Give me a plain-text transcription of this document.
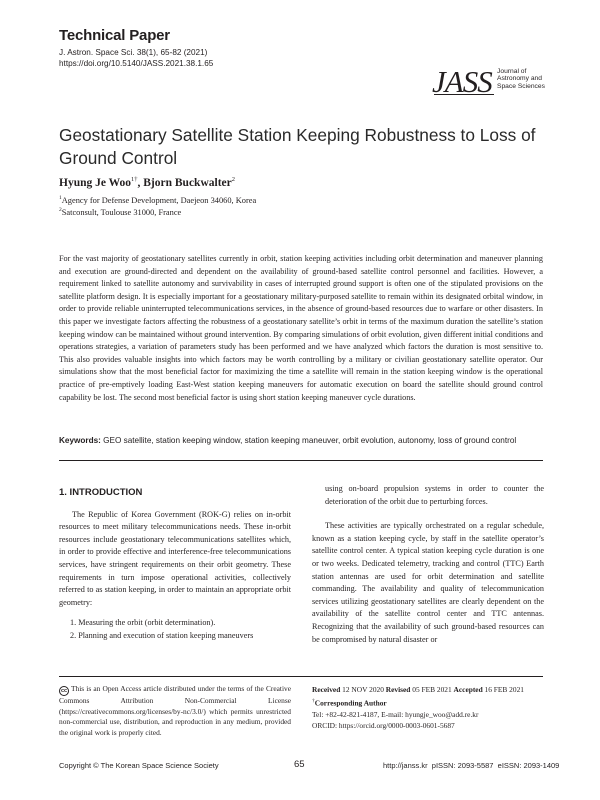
Technical Paper
J. Astron. Space Sci. 38(1), 65-82 (2021)
https://doi.org/10.5140/JASS.2021.38.1.65
JASS Journal of
Astronomy and
Space Sciences
Geostationary Satellite Station Keeping Robustness to Loss of Ground Control
Hyung Je Woo$^{1\dagger}$, Bjorn Buckwalter$^2$
$^1$Agency for Defense Development, Daejeon 34060, Korea
$^2$Satconsult, Toulouse 31000, France
For the vast majority of geostationary satellites currently in orbit, station keeping activities including orbit determination and maneuver planning and execution are ground-directed and dependent on the availability of ground-based satellite control personnel and facilities. However, a requirement linked to satellite autonomy and survivability in cases of interrupted ground support is often one of the stipulated provisions on the satellite platform design. It is especially important for a geostationary military-purposed satellite to remain within its designated orbital window, in order to provide reliable uninterrupted telecommunications services, in the absence of ground-based resources due to warfare or other disasters. In this paper we investigate factors affecting the robustness of a geostationary satellite’s orbit in terms of the maximum duration the satellite’s station keeping window can be maintained without ground intervention. By comparing simulations of orbit evolution, given different initial conditions and operations strategies, a variation of parameters study has been performed and we have analyzed which factors the duration is most sensitive to. This also provides valuable insights into which factors may be worth controlling by a military or civilian geostationary satellite operator. Our simulations show that the most beneficial factor for maximizing the time a satellite will remain in the station keeping window is the operational practice of pre-emptively loading East-West station keeping maneuvers for automatic execution on board the satellite should ground control capability be lost. The second most beneficial factor is using short station keeping maneuver cycle durations.
Keywords: GEO satellite, station keeping window, station keeping maneuver, orbit evolution, autonomy, loss of ground control
1. INTRODUCTION

The Republic of Korea Government (ROK-G) relies on in-orbit resources to meet military telecommunications needs. These in-orbit resources include geostationary telecommunications satellites which, in order to provide effective and interference-free telecommunications services, have stringent requirements on their orbit geometry. These requirements in turn impose operational activities, collectively referred to as station keeping, in order to maintain an appropriate orbit geometry:

1. Measuring the orbit (orbit determination).
2. Planning and execution of station keeping maneuvers

using on-board propulsion systems in order to counter the deterioration of the orbit due to perturbing forces.

These activities are typically orchestrated on a regular schedule, known as a station keeping cycle, by staff in the satellite operator’s satellite control center. A typical station keeping cycle duration is one or two weeks. Dedicated telemetry, tracking and control (TTC) Earth station antennas are used for orbit determination and satellite commanding. The availability and quality of telecommunication services utilizing geostationary satellites are clearly dependent on the availability of the satellite control center and TTC antennas. Recognizing that the availability of such ground-based resources can be compromised by natural disaster or

cc This is an Open Access article distributed under the terms of the Creative Commons Attribution Non-Commercial License (https://creativecommons.org/licenses/by-nc/3.0/) which permits unrestricted non-commercial use, distribution, and reproduction in any medium, provided the original work is properly cited.
Received 12 NOV 2020 Revised 05 FEB 2021 Accepted 16 FEB 2021
†Corresponding Author
Tel: +82-42-821-4187, E-mail: hyungje_woo@add.re.kr
ORCID: https://orcid.org/0000-0003-0601-5687
Copyright © The Korean Space Science Society	65	http://janss.kr  pISSN: 2093-5587  eISSN: 2093-1409
